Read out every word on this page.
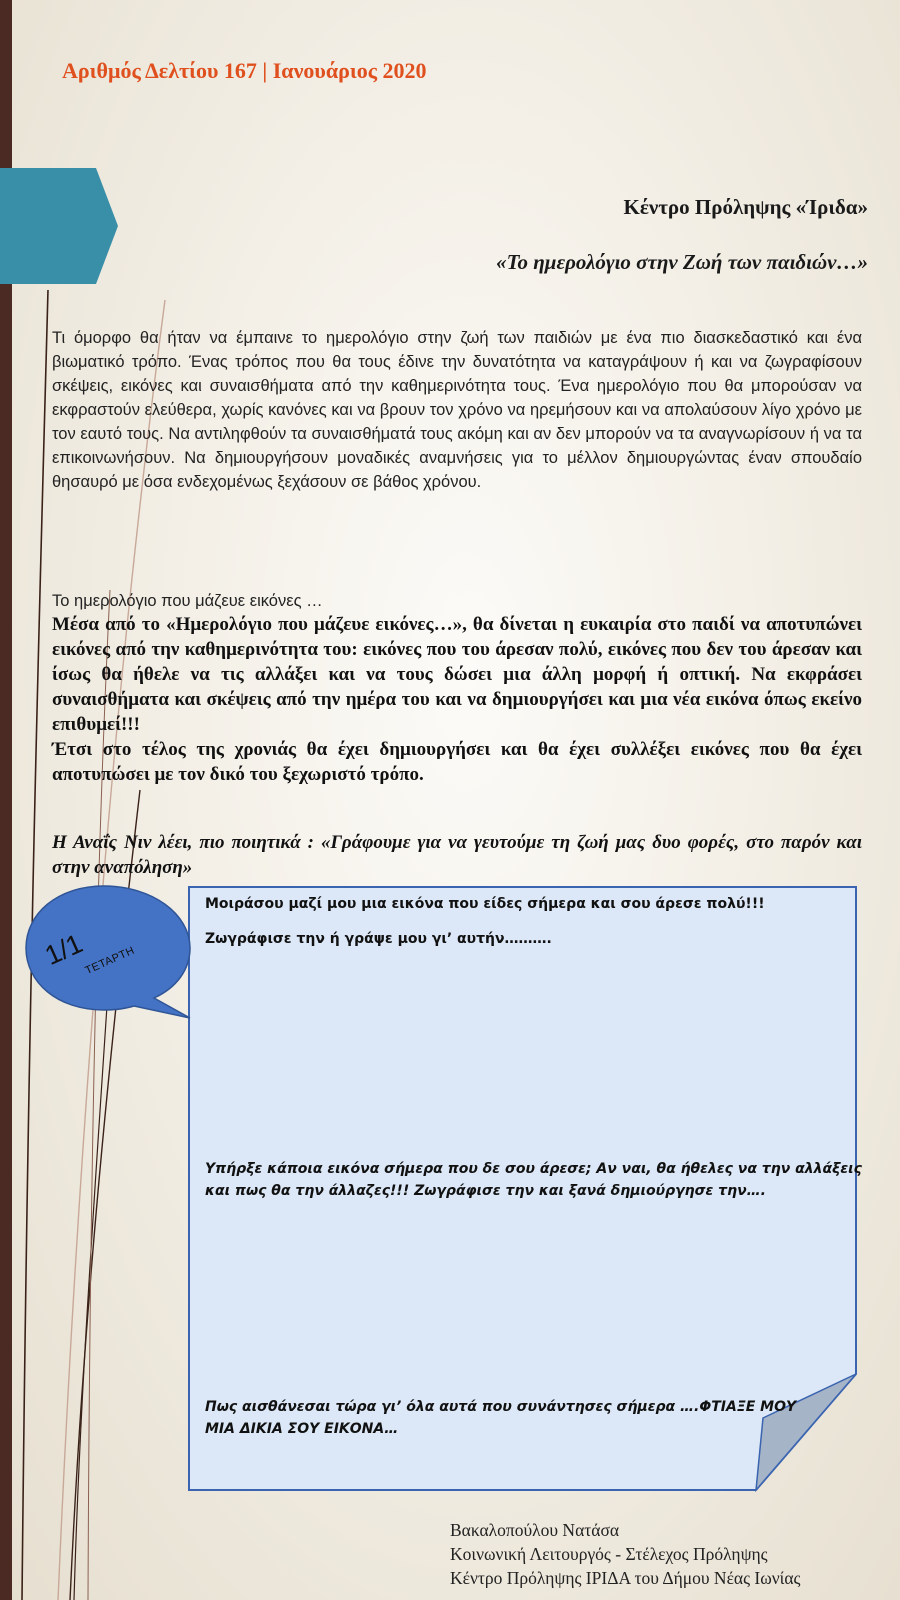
Αριθμός Δελτίου 167 | Ιανουάριος 2020
Κέντρο Πρόληψης «Ίριδα»
«Το ημερολόγιο στην Ζωή των παιδιών…»
Τι όμορφο θα ήταν να έμπαινε το ημερολόγιο στην ζωή των παιδιών με ένα πιο διασκεδαστικό και ένα βιωματικό τρόπο. Ένας τρόπος που θα τους έδινε την δυνατότητα να καταγράψουν ή και να ζωγραφίσουν σκέψεις, εικόνες και συναισθήματα από την καθημερινότητα τους. Ένα ημερολόγιο που θα μπορούσαν να εκφραστούν ελεύθερα, χωρίς κανόνες και να βρουν τον χρόνο να ηρεμήσουν και να απολαύσουν λίγο χρόνο με τον εαυτό τους. Να αντιληφθούν τα συναισθήματά τους ακόμη και αν δεν μπορούν να τα αναγνωρίσουν ή να τα επικοινωνήσουν. Να δημιουργήσουν μοναδικές αναμνήσεις για το μέλλον δημιουργώντας έναν σπουδαίο θησαυρό με όσα ενδεχομένως ξεχάσουν σε βάθος χρόνου.
Το ημερολόγιο που μάζευε εικόνες …

Μέσα από το «Ημερολόγιο που μάζευε εικόνες…», θα δίνεται η ευκαιρία στο παιδί να αποτυπώνει εικόνες από την καθημερινότητα του: εικόνες που του άρεσαν πολύ, εικόνες που δεν του άρεσαν και ίσως θα ήθελε να τις αλλάξει και να τους δώσει μια άλλη μορφή ή οπτική. Να εκφράσει συναισθήματα και σκέψεις από την ημέρα του και να δημιουργήσει και μια νέα εικόνα όπως εκείνο επιθυμεί!!!

Έτσι στο τέλος της χρονιάς θα έχει δημιουργήσει και θα έχει συλλέξει εικόνες που θα έχει αποτυπώσει με τον δικό του ξεχωριστό τρόπο.

Η Αναΐς Νιν λέει, πιο ποιητικά : «Γράφουμε για να γευτούμε τη ζωή μας δυο φορές, στο παρόν και στην αναπόληση»

1/1
ΤΕΤΑΡΤΗ
Μοιράσου μαζί μου μια εικόνα που είδες σήμερα και σου άρεσε πολύ!!!
Ζωγράφισε την ή γράψε μου γι’ αυτήν……….
Υπήρξε κάποια εικόνα σήμερα που δε σου άρεσε; Αν ναι, θα ήθελες να την αλλάξεις και πως θα την άλλαζες!!! Ζωγράφισε την και ξανά δημιούργησε την….
Πως αισθάνεσαι τώρα γι’ όλα αυτά που συνάντησες σήμερα ….ΦΤΙΑΞΕ ΜΟΥ ΜΙΑ ΔΙΚΙΑ ΣΟΥ ΕΙΚΟΝΑ…
Βακαλοπούλου Νατάσα
Κοινωνική Λειτουργός - Στέλεχος Πρόληψης
Κέντρο Πρόληψης ΙΡΙΔΑ του Δήμου Νέας Ιωνίας
